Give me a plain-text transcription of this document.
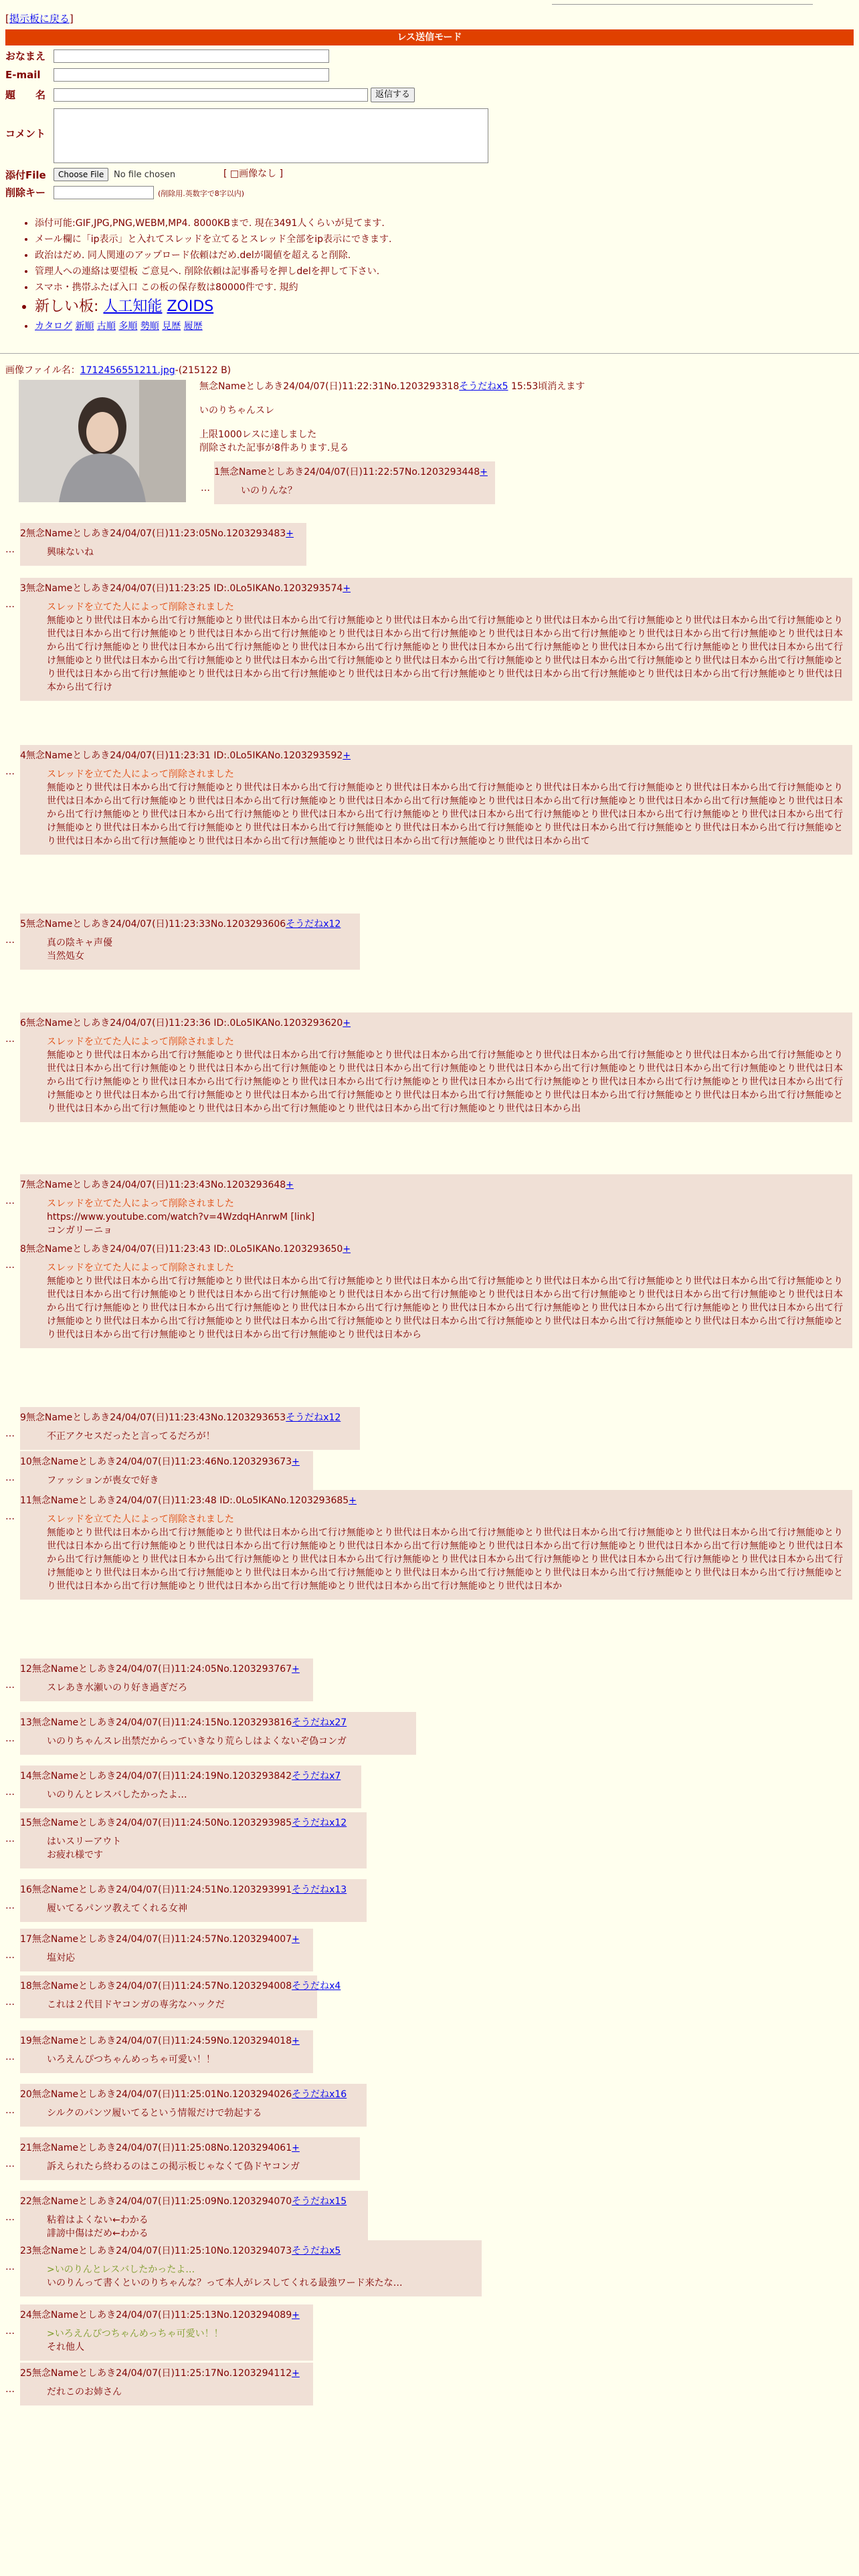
[掲示板に戻る]
レス送信モード
おなまえ
E-mail
題　　名	返信する
コメント
添付File	Choose File	No file chosen	[ □画像なし ]
削除キー	(削除用.英数字で8字以内)
• 添付可能:GIF,JPG,PNG,WEBM,MP4. 8000KBまで. 現在3491人くらいが見てます.
• メール欄に「ip表示」と入れてスレッドを立てるとスレッド全部をip表示にできます.
• 政治はだめ. 同人関連のアップロード依頼はだめ.delが閾値を超えると削除.
• 管理人への連絡は要望板 ご意見へ. 削除依頼は記事番号を押しdelを押して下さい.
• スマホ・携帯ふたば入口 この板の保存数は80000件です. 規約
• 新しい板: 人工知能 ZOIDS
• カタログ 新順 古順 多順 勢順 見歴 履歴
画像ファイル名：1712456551211.jpg-(215122 B)
無念Nameとしあき24/04/07(日)11:22:31No.1203293318そうだねx5 15:53頃消えます
いのりちゃんスレ
上限1000レスに達しました
削除された記事が8件あります.見る
1無念Nameとしあき24/04/07(日)11:22:57No.1203293448+
いのりんな？
…
2無念Nameとしあき24/04/07(日)11:23:05No.1203293483+
興味ないね
…
3無念Nameとしあき24/04/07(日)11:23:25 ID:.0Lo5IKANo.1203293574+
スレッドを立てた人によって削除されました
無能ゆとり世代は日本から出て行け無能ゆとり世代は日本から出て行け無能ゆとり世代は日本から出て行け無能ゆとり世代は日本から出て行け無能ゆとり世代は日本から出て行け無能ゆとり世代は日本から出て行け無能ゆとり世代は日本から出て行け無能ゆとり世代は日本から出て行け無能ゆとり世代は日本から出て行け無能ゆとり世代は日本から出て行け無能ゆとり世代は日本から出て行け無能ゆとり世代は日本から出て行け無能ゆとり世代は日本から出て行け無能ゆとり世代は日本から出て行け無能ゆとり世代は日本から出て行け無能ゆとり世代は日本から出て行け無能ゆとり世代は日本から出て行け無能ゆとり世代は日本から出て行け無能ゆとり世代は日本から出て行け無能ゆとり世代は日本から出て行け無能ゆとり世代は日本から出て行け無能ゆとり世代は日本から出て行け無能ゆとり世代は日本から出て行け無能ゆとり世代は日本から出て行け無能ゆとり世代は日本から出て行け無能ゆとり世代は日本から出て行け無能ゆとり世代は日本から出て行け
…
4無念Nameとしあき24/04/07(日)11:23:31 ID:.0Lo5IKANo.1203293592+
スレッドを立てた人によって削除されました
無能ゆとり世代は日本から出て行け無能ゆとり世代は日本から出て行け無能ゆとり世代は日本から出て行け無能ゆとり世代は日本から出て行け無能ゆとり世代は日本から出て行け無能ゆとり世代は日本から出て行け無能ゆとり世代は日本から出て行け無能ゆとり世代は日本から出て行け無能ゆとり世代は日本から出て行け無能ゆとり世代は日本から出て行け無能ゆとり世代は日本から出て行け無能ゆとり世代は日本から出て行け無能ゆとり世代は日本から出て行け無能ゆとり世代は日本から出て行け無能ゆとり世代は日本から出て行け無能ゆとり世代は日本から出て行け無能ゆとり世代は日本から出て行け無能ゆとり世代は日本から出て行け無能ゆとり世代は日本から出て行け無能ゆとり世代は日本から出て行け無能ゆとり世代は日本から出て行け無能ゆとり世代は日本から出て行け無能ゆとり世代は日本から出て行け無能ゆとり世代は日本から出て行け無能ゆとり世代は日本から出て
…
5無念Nameとしあき24/04/07(日)11:23:33No.1203293606そうだねx12
真の陰キャ声優
当然処女
…
6無念Nameとしあき24/04/07(日)11:23:36 ID:.0Lo5IKANo.1203293620+
スレッドを立てた人によって削除されました
無能ゆとり世代は日本から出て行け無能ゆとり世代は日本から出て行け無能ゆとり世代は日本から出て行け無能ゆとり世代は日本から出て行け無能ゆとり世代は日本から出て行け無能ゆとり世代は日本から出て行け無能ゆとり世代は日本から出て行け無能ゆとり世代は日本から出て行け無能ゆとり世代は日本から出て行け無能ゆとり世代は日本から出て行け無能ゆとり世代は日本から出て行け無能ゆとり世代は日本から出て行け無能ゆとり世代は日本から出て行け無能ゆとり世代は日本から出て行け無能ゆとり世代は日本から出て行け無能ゆとり世代は日本から出て行け無能ゆとり世代は日本から出て行け無能ゆとり世代は日本から出て行け無能ゆとり世代は日本から出て行け無能ゆとり世代は日本から出て行け無能ゆとり世代は日本から出て行け無能ゆとり世代は日本から出て行け無能ゆとり世代は日本から出て行け無能ゆとり世代は日本から出て行け無能ゆとり世代は日本から出
…
7無念Nameとしあき24/04/07(日)11:23:43No.1203293648+
スレッドを立てた人によって削除されました
https://www.youtube.com/watch?v=4WzdqHAnrwM [link]
コンガリーニョ
…
8無念Nameとしあき24/04/07(日)11:23:43 ID:.0Lo5IKANo.1203293650+
スレッドを立てた人によって削除されました
無能ゆとり世代は日本から出て行け無能ゆとり世代は日本から出て行け無能ゆとり世代は日本から出て行け無能ゆとり世代は日本から出て行け無能ゆとり世代は日本から出て行け無能ゆとり世代は日本から出て行け無能ゆとり世代は日本から出て行け無能ゆとり世代は日本から出て行け無能ゆとり世代は日本から出て行け無能ゆとり世代は日本から出て行け無能ゆとり世代は日本から出て行け無能ゆとり世代は日本から出て行け無能ゆとり世代は日本から出て行け無能ゆとり世代は日本から出て行け無能ゆとり世代は日本から出て行け無能ゆとり世代は日本から出て行け無能ゆとり世代は日本から出て行け無能ゆとり世代は日本から出て行け無能ゆとり世代は日本から出て行け無能ゆとり世代は日本から出て行け無能ゆとり世代は日本から出て行け無能ゆとり世代は日本から出て行け無能ゆとり世代は日本から出て行け無能ゆとり世代は日本から
…
9無念Nameとしあき24/04/07(日)11:23:43No.1203293653そうだねx12
不正アクセスだったと言ってるだろが！
…
10無念Nameとしあき24/04/07(日)11:23:46No.1203293673+
ファッションが喪女で好き
…
11無念Nameとしあき24/04/07(日)11:23:48 ID:.0Lo5IKANo.1203293685+
スレッドを立てた人によって削除されました
無能ゆとり世代は日本から出て行け無能ゆとり世代は日本から出て行け無能ゆとり世代は日本から出て行け無能ゆとり世代は日本から出て行け無能ゆとり世代は日本から出て行け無能ゆとり世代は日本から出て行け無能ゆとり世代は日本から出て行け無能ゆとり世代は日本から出て行け無能ゆとり世代は日本から出て行け無能ゆとり世代は日本から出て行け無能ゆとり世代は日本から出て行け無能ゆとり世代は日本から出て行け無能ゆとり世代は日本から出て行け無能ゆとり世代は日本から出て行け無能ゆとり世代は日本から出て行け無能ゆとり世代は日本から出て行け無能ゆとり世代は日本から出て行け無能ゆとり世代は日本から出て行け無能ゆとり世代は日本から出て行け無能ゆとり世代は日本から出て行け無能ゆとり世代は日本から出て行け無能ゆとり世代は日本から出て行け無能ゆとり世代は日本から出て行け無能ゆとり世代は日本から出て行け無能ゆとり世代は日本か
…
12無念Nameとしあき24/04/07(日)11:24:05No.1203293767+
スレあき水瀬いのり好き過ぎだろ
…
13無念Nameとしあき24/04/07(日)11:24:15No.1203293816そうだねx27
いのりちゃんスレ出禁だからっていきなり荒らしはよくないぞ偽コンガ
…
14無念Nameとしあき24/04/07(日)11:24:19No.1203293842そうだねx7
いのりんとレスバしたかったよ…
…
15無念Nameとしあき24/04/07(日)11:24:50No.1203293985そうだねx12
はいスリーアウト
お疲れ様です
…
16無念Nameとしあき24/04/07(日)11:24:51No.1203293991そうだねx13
履いてるパンツ教えてくれる女神
…
17無念Nameとしあき24/04/07(日)11:24:57No.1203294007+
塩対応
…
18無念Nameとしあき24/04/07(日)11:24:57No.1203294008そうだねx4
これは２代目ドヤコンガの専劣なハックだ
…
19無念Nameとしあき24/04/07(日)11:24:59No.1203294018+
いろえんぴつちゃんめっちゃ可愛い！！
…
20無念Nameとしあき24/04/07(日)11:25:01No.1203294026そうだねx16
シルクのパンツ履いてるという情報だけで勃起する
…
21無念Nameとしあき24/04/07(日)11:25:08No.1203294061+
訴えられたら終わるのはこの掲示板じゃなくて偽ドヤコンガ
…
22無念Nameとしあき24/04/07(日)11:25:09No.1203294070そうだねx15
粘着はよくない←わかる
誹謗中傷はだめ←わかる
…
23無念Nameとしあき24/04/07(日)11:25:10No.1203294073そうだねx5
>いのりんとレスバしたかったよ…
いのりんって書くといのりちゃんな？って本人がレスしてくれる最強ワード来たな…
…
24無念Nameとしあき24/04/07(日)11:25:13No.1203294089+
>いろえんぴつちゃんめっちゃ可愛い！！
それ他人
…
25無念Nameとしあき24/04/07(日)11:25:17No.1203294112+
だれこのお姉さん
…
